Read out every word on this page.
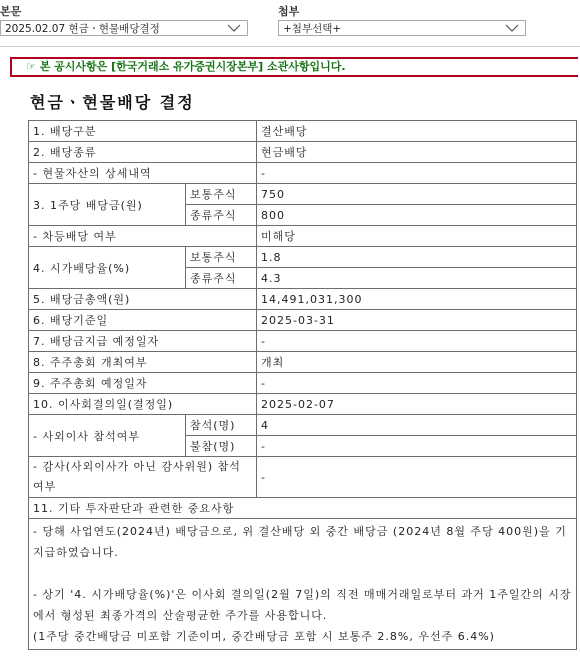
본문
2025.02.07 현금ㆍ현물배당결정
첨부
+첨부선택+
☞ 본 공시사항은 [한국거래소 유가증권시장본부] 소관사항입니다.
현금ㆍ현물배당 결정
1. 배당구분		결산배당
2. 배당종류		현금배당
- 현물자산의 상세내역		-
3. 1주당 배당금(원)	보통주식	750
	종류주식	800
- 차등배당 여부		미해당
4. 시가배당율(%)	보통주식	1.8
	종류주식	4.3
5. 배당금총액(원)		14,491,031,300
6. 배당기준일		2025-03-31
7. 배당금지급 예정일자		-
8. 주주총회 개최여부		개최
9. 주주총회 예정일자		-
10. 이사회결의일(결정일)		2025-02-07
- 사외이사 참석여부	참석(명)	4
	불참(명)	-
- 감사(사외이사가 아닌 감사위원) 참석여부		-
11. 기타 투자판단과 관련한 중요사항		

- 당해 사업연도(2024년) 배당금으로, 위 결산배당 외 중간 배당금 (2024년 8월 주당 400원)을 기지급하였습니다.

- 상기 '4. 시가배당율(%)'은 이사회 결의일(2월 7일)의 직전 매매거래일로부터 과거 1주일간의 시장에서 형성된 최종가격의 산술평균한 주가를 사용합니다.

(1주당 중간배당금 미포함 기준이며, 중간배당금 포함 시 보통주 2.8%, 우선주 6.4%)		
